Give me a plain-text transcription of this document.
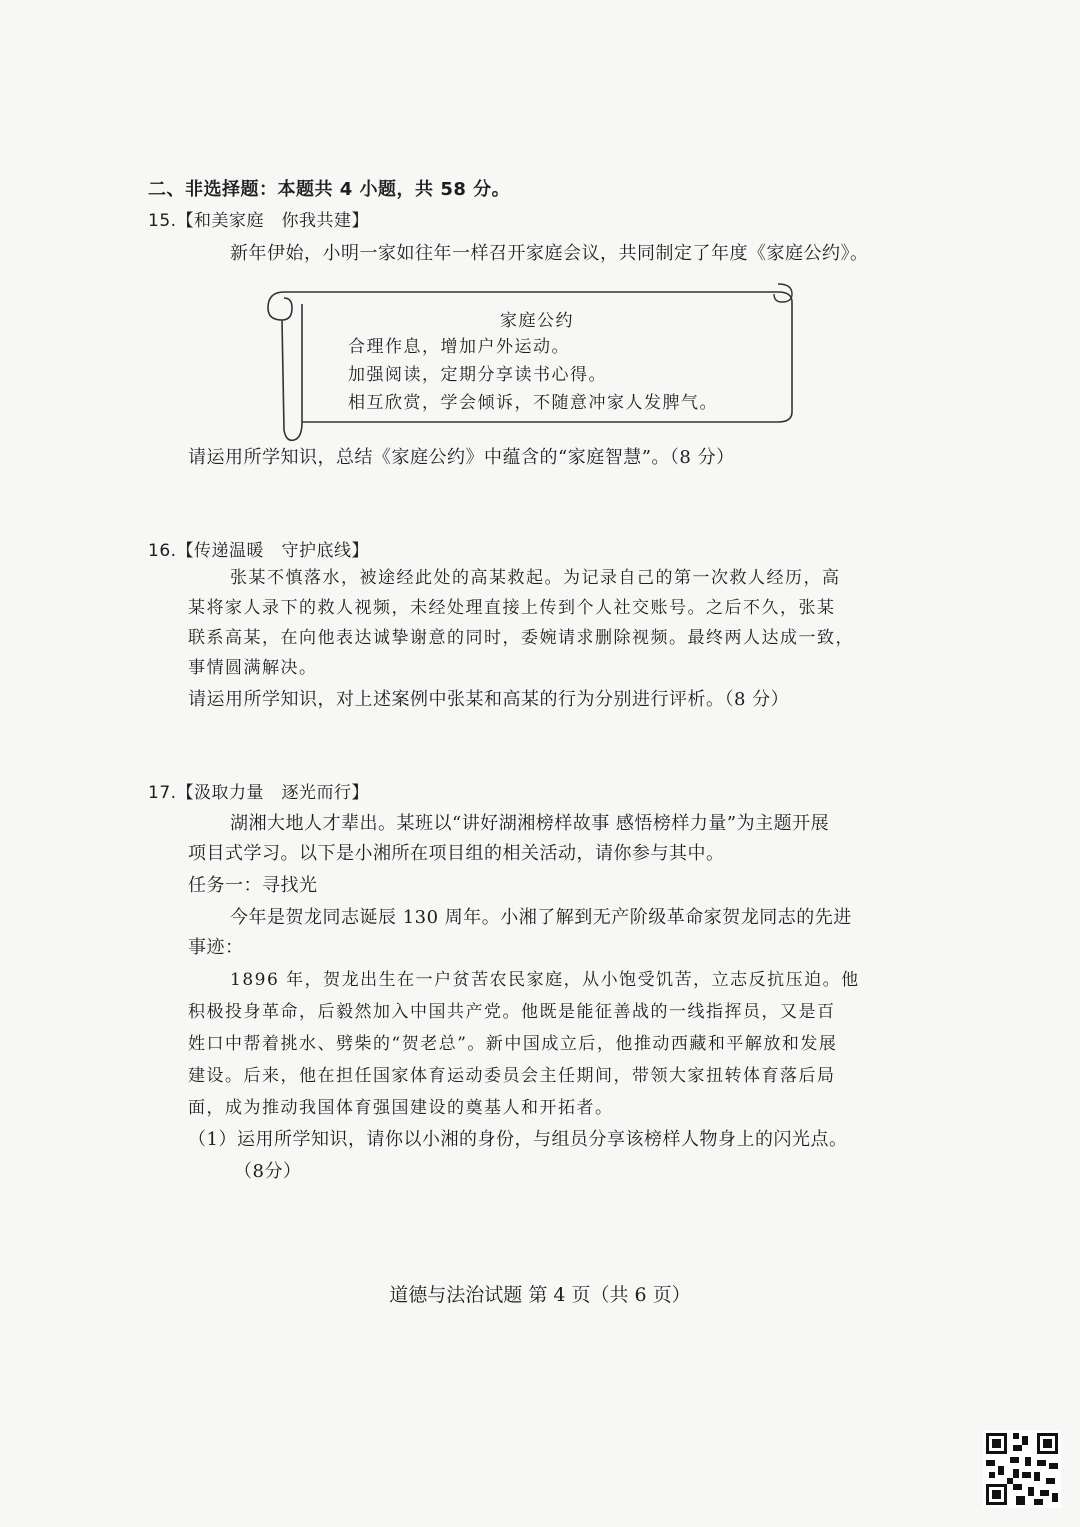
二、非选择题：本题共 4 小题，共 58 分。
15.【和美家庭　你我共建】
新年伊始，小明一家如往年一样召开家庭会议，共同制定了年度《家庭公约》。
家庭公约
合理作息，增加户外运动。
加强阅读，定期分享读书心得。
相互欣赏，学会倾诉，不随意冲家人发脾气。
请运用所学知识，总结《家庭公约》中蕴含的“家庭智慧”。（8 分）
16.【传递温暖　守护底线】
张某不慎落水，被途经此处的高某救起。为记录自己的第一次救人经历，高
某将家人录下的救人视频，未经处理直接上传到个人社交账号。之后不久，张某
联系高某，在向他表达诚挚谢意的同时，委婉请求删除视频。最终两人达成一致，
事情圆满解决。
请运用所学知识，对上述案例中张某和高某的行为分别进行评析。（8 分）
17.【汲取力量　逐光而行】
湖湘大地人才辈出。某班以“讲好湖湘榜样故事 感悟榜样力量”为主题开展
项目式学习。以下是小湘所在项目组的相关活动，请你参与其中。
任务一：寻找光
今年是贺龙同志诞辰 130 周年。小湘了解到无产阶级革命家贺龙同志的先进
事迹：
1896 年，贺龙出生在一户贫苦农民家庭，从小饱受饥苦，立志反抗压迫。他
积极投身革命，后毅然加入中国共产党。他既是能征善战的一线指挥员，又是百
姓口中帮着挑水、劈柴的“贺老总”。新中国成立后，他推动西藏和平解放和发展
建设。后来，他在担任国家体育运动委员会主任期间，带领大家扭转体育落后局
面，成为推动我国体育强国建设的奠基人和开拓者。
（1）运用所学知识，请你以小湘的身份，与组员分享该榜样人物身上的闪光点。
（8分）
道德与法治试题 第 4 页（共 6 页）
